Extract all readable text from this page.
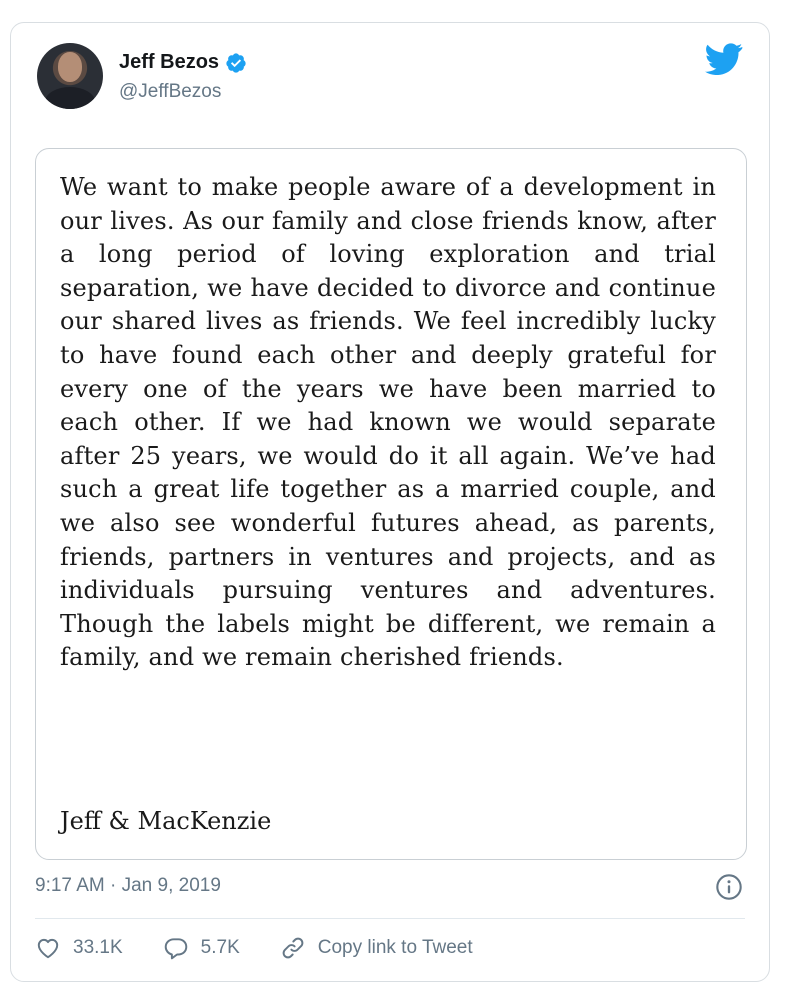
Jeff Bezos
@JeffBezos
We want to make people aware of a development in our lives. As our family and close friends know, after a long period of loving exploration and trial separation, we have decided to divorce and continue our shared lives as friends. We feel incredibly lucky to have found each other and deeply grateful for every one of the years we have been married to each other. If we had known we would separate after 25 years, we would do it all again. We’ve had such a great life together as a married couple, and we also see wonderful futures ahead, as parents, friends, partners in ventures and projects, and as individuals pursuing ventures and adventures. Though the labels might be different, we remain a family, and we remain cherished friends.
Jeff & MacKenzie
9:17 AM · Jan 9, 2019
33.1K	5.7K	Copy link to Tweet
